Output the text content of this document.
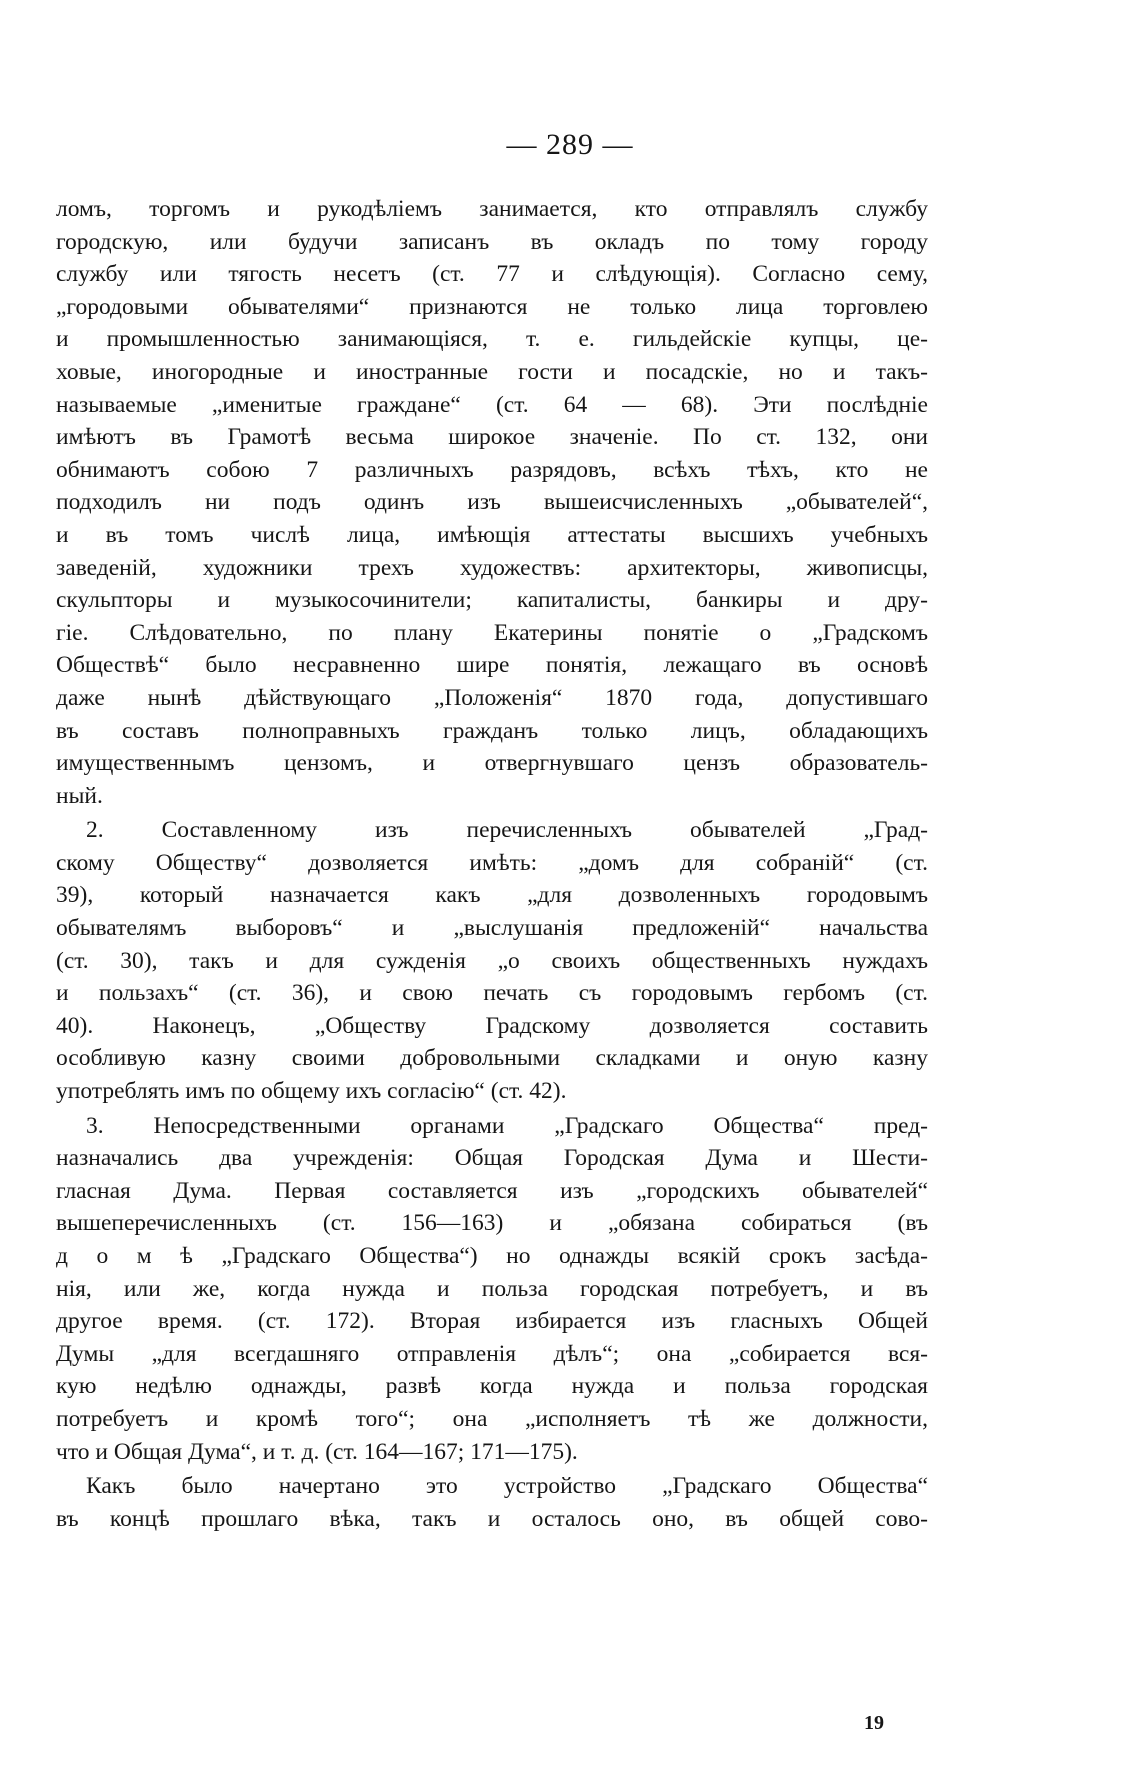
— 289 —
ломъ, торгомъ и рукодѣліемъ занимается, кто отправлялъ службу
городскую, или будучи записанъ въ окладъ по тому городу
службу или тягость несетъ (ст. 77 и слѣдующія). Согласно сему,
„городовыми обывателями“ признаются не только лица торговлею
и промышленностью занимающіяся, т. е. гильдейскіе купцы, це-
ховые, иногородные и иностранные гости и посадскіе, но и такъ-
называемые „именитые граждане“ (ст. 64 — 68). Эти послѣдніе
имѣютъ въ Грамотѣ весьма широкое значеніе. По ст. 132, они
обнимаютъ собою 7 различныхъ разрядовъ, всѣхъ тѣхъ, кто не
подходилъ ни подъ одинъ изъ вышеисчисленныхъ „обывателей“,
и въ томъ числѣ лица, имѣющія аттестаты высшихъ учебныхъ
заведеній, художники трехъ художествъ: архитекторы, живописцы,
скульпторы и музыкосочинители; капиталисты, банкиры и дру-
гіе. Слѣдовательно, по плану Екатерины понятіе о „Градскомъ
Обществѣ“ было несравненно шире понятія, лежащаго въ основѣ
даже нынѣ дѣйствующаго „Положенія“ 1870 года, допустившаго
въ составъ полноправныхъ гражданъ только лицъ, обладающихъ
имущественнымъ цензомъ, и отвергнувшаго цензъ образователь-
ный.
2. Составленному изъ перечисленныхъ обывателей „Град-
скому Обществу“ дозволяется имѣть: „домъ для собраній“ (ст.
39), который назначается какъ „для дозволенныхъ городовымъ
обывателямъ выборовъ“ и „выслушанія предложеній“ начальства
(ст. 30), такъ и для сужденія „о своихъ общественныхъ нуждахъ
и пользахъ“ (ст. 36), и свою печать съ городовымъ гербомъ (ст.
40). Наконецъ, „Обществу Градскому дозволяется составить
особливую казну своими добровольными складками и оную казну
употреблять имъ по общему ихъ согласію“ (ст. 42).
3. Непосредственными органами „Градскаго Общества“ пред-
назначались два учрежденія: Общая Городская Дума и Шести-
гласная Дума. Первая составляется изъ „городскихъ обывателей“
вышеперечисленныхъ (ст. 156—163) и „обязана собираться (въ
д о м ѣ „Градскаго Общества“) но однажды всякій срокъ засѣда-
нія, или же, когда нужда и польза городская потребуетъ, и въ
другое время. (ст. 172). Вторая избирается изъ гласныхъ Общей
Думы „для всегдашняго отправленія дѣлъ“; она „собирается вся-
кую недѣлю однажды, развѣ когда нужда и польза городская
потребуетъ и кромѣ того“; она „исполняетъ тѣ же должности,
что и Общая Дума“, и т. д. (ст. 164—167; 171—175).
Какъ было начертано это устройство „Градскаго Общества“
въ концѣ прошлаго вѣка, такъ и осталось оно, въ общей сово-
19
